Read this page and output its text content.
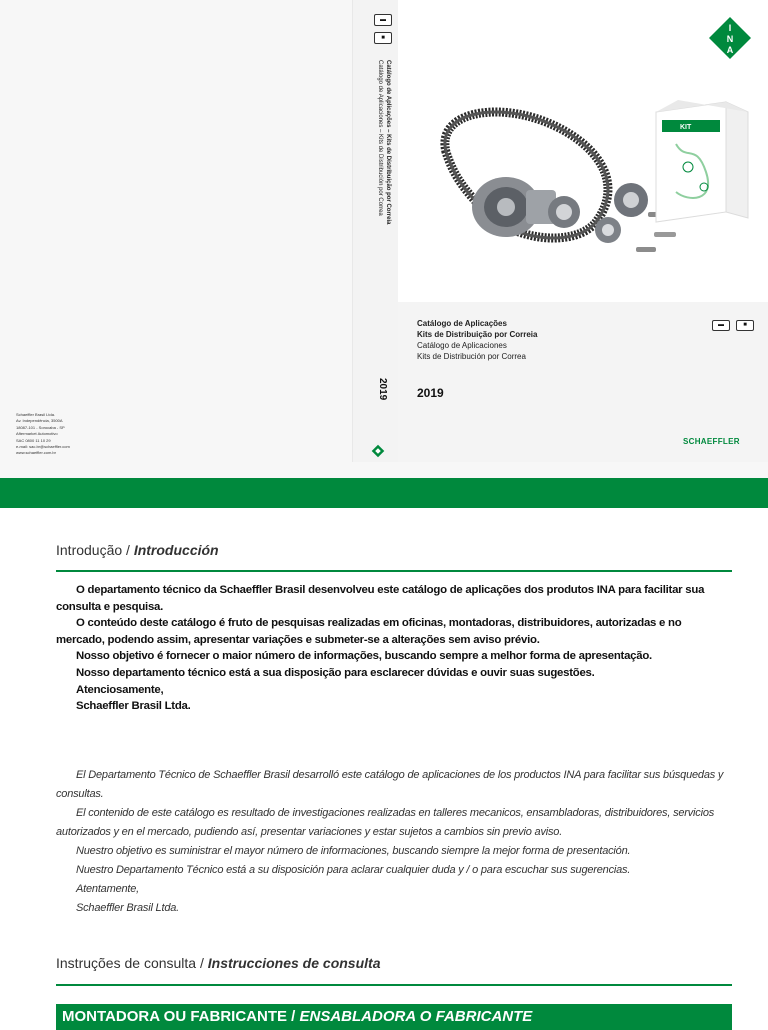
▬
■
Catálogo de Aplicações – Kits de Distribuição por Correia
Catálogo de Aplicaciones – Kits de Distribución por Correa
2019
Schaeffler Brasil Ltda.
Av. Independência, 3500A
18087-101 - Sorocaba - SP
Aftermarket Automotivo
SAC 0800 11 10 29
e-mail: sac.br@schaeffler.com
www.schaeffler.com.br
I
N
A
KIT
Catálogo de Aplicações
Kits de Distribuição por Correia
Catálogo de Aplicaciones
Kits de Distribución por Correa
▬	■
2019
SCHAEFFLER
Introdução / Introducción

O departamento técnico da Schaeffler Brasil desenvolveu este catálogo de aplicações dos produtos INA para facilitar sua consulta e pesquisa.

O conteúdo deste catálogo é fruto de pesquisas realizadas em oficinas, montadoras, distribuidores, autorizadas e no mercado, podendo assim, apresentar variações e submeter-se a alterações sem aviso prévio.

Nosso objetivo é fornecer o maior número de informações, buscando sempre a melhor forma de apresentação.

Nosso departamento técnico está a sua disposição para esclarecer dúvidas e ouvir suas sugestões.

Atenciosamente,

Schaeffler Brasil Ltda.

El Departamento Técnico de Schaeffler Brasil desarrolló este catálogo de aplicaciones de los productos INA para facilitar sus búsquedas y consultas.

El contenido de este catálogo es resultado de investigaciones realizadas en talleres mecanicos, ensambladoras, distribuidores, servicios autorizados y en el mercado, pudiendo así, presentar variaciones y estar sujetos a cambios sin previo aviso.

Nuestro objetivo es suministrar el mayor número de informaciones, buscando siempre la mejor forma de presentación.

Nuestro Departamento Técnico está a su disposición para aclarar cualquier duda y / o para escuchar sus sugerencias.

Atentamente,

Schaeffler Brasil Ltda.

Instruções de consulta / Instrucciones de consulta
MONTADORA OU FABRICANTE / ENSABLADORA O FABRICANTE
